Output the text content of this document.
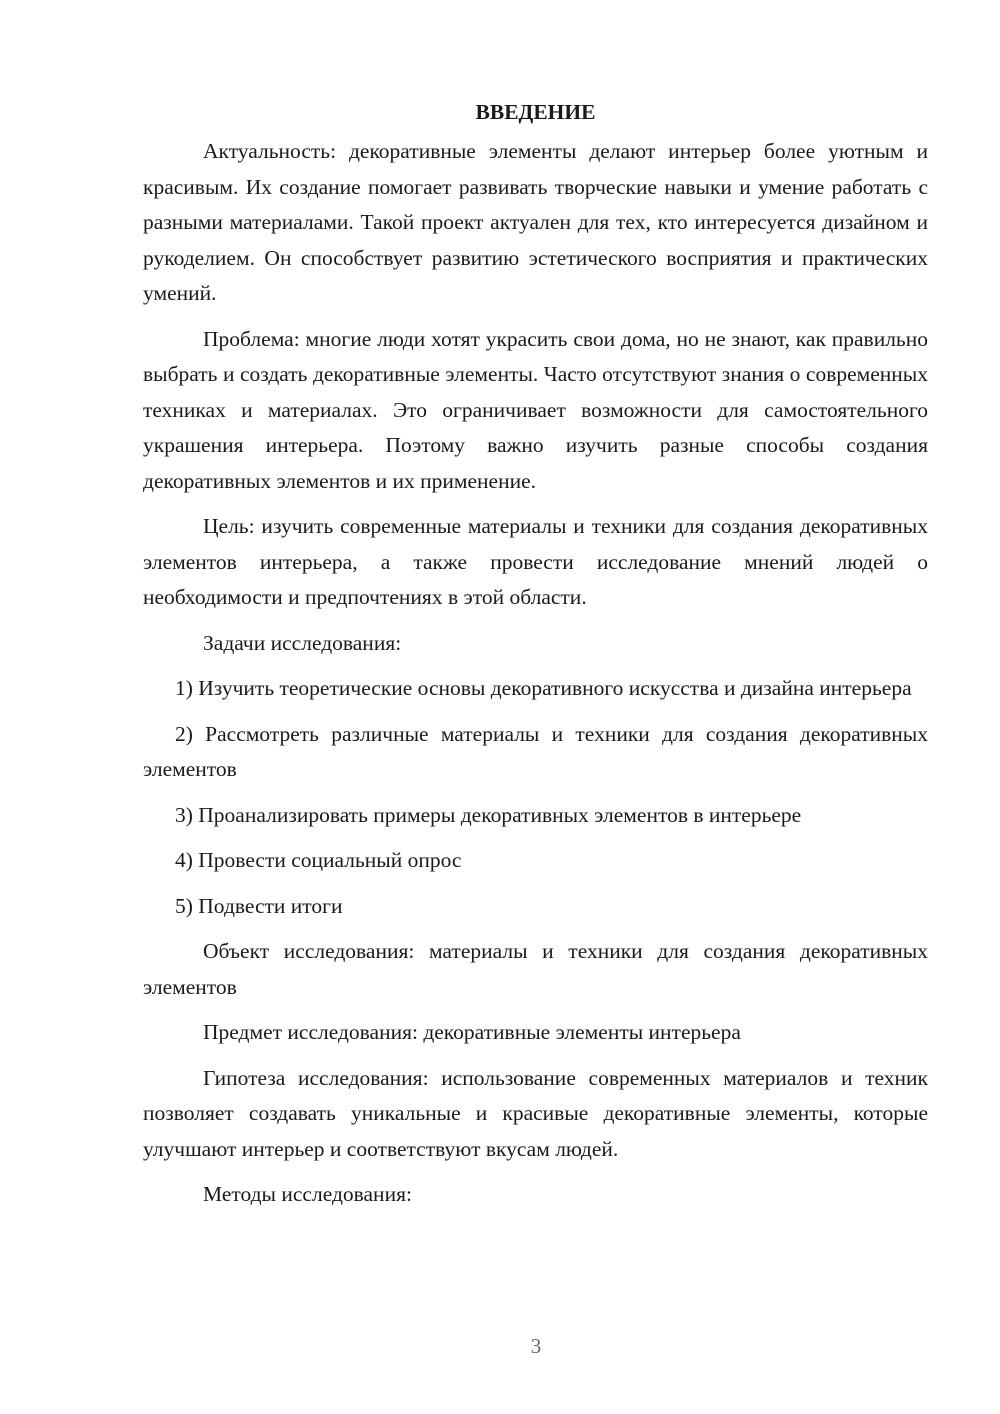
ВВЕДЕНИЕ

Актуальность: декоративные элементы делают интерьер более уютным и красивым. Их создание помогает развивать творческие навыки и умение работать с разными материалами. Такой проект актуален для тех, кто интересуется дизайном и рукоделием. Он способствует развитию эстетического восприятия и практических умений.

Проблема: многие люди хотят украсить свои дома, но не знают, как правильно выбрать и создать декоративные элементы. Часто отсутствуют знания о современных техниках и материалах. Это ограничивает возможности для самостоятельного украшения интерьера. Поэтому важно изучить разные способы создания декоративных элементов и их применение.

Цель: изучить современные материалы и техники для создания декоративных элементов интерьера, а также провести исследование мнений людей о необходимости и предпочтениях в этой области.

Задачи исследования:

1) Изучить теоретические основы декоративного искусства и дизайна интерьера

2) Рассмотреть различные материалы и техники для создания декоративных элементов

3) Проанализировать примеры декоративных элементов в интерьере

4) Провести социальный опрос

5) Подвести итоги

Объект исследования: материалы и техники для создания декоративных элементов

Предмет исследования: декоративные элементы интерьера

Гипотеза исследования: использование современных материалов и техник позволяет создавать уникальные и красивые декоративные элементы, которые улучшают интерьер и соответствуют вкусам людей.

Методы исследования:

3
